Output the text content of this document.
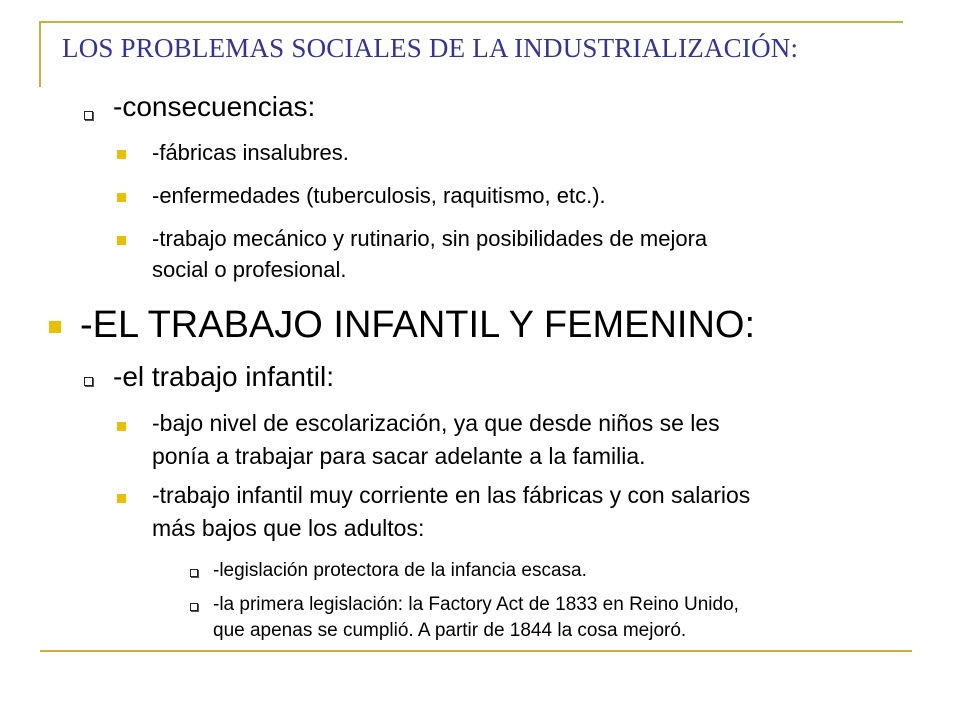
LOS PROBLEMAS SOCIALES DE LA INDUSTRIALIZACIÓN:

-consecuencias:

-fábricas insalubres.

-enfermedades (tuberculosis, raquitismo, etc.).

-trabajo mecánico y rutinario, sin posibilidades de mejora

social o profesional.

-EL TRABAJO INFANTIL Y FEMENINO:

-el trabajo infantil:

-bajo nivel de escolarización, ya que desde niños se les

ponía a trabajar para sacar adelante a la familia.

-trabajo infantil muy corriente en las fábricas y con salarios

más bajos que los adultos:

-legislación protectora de la infancia escasa.

-la primera legislación: la Factory Act de 1833 en Reino Unido,

que apenas se cumplió. A partir de 1844 la cosa mejoró.
